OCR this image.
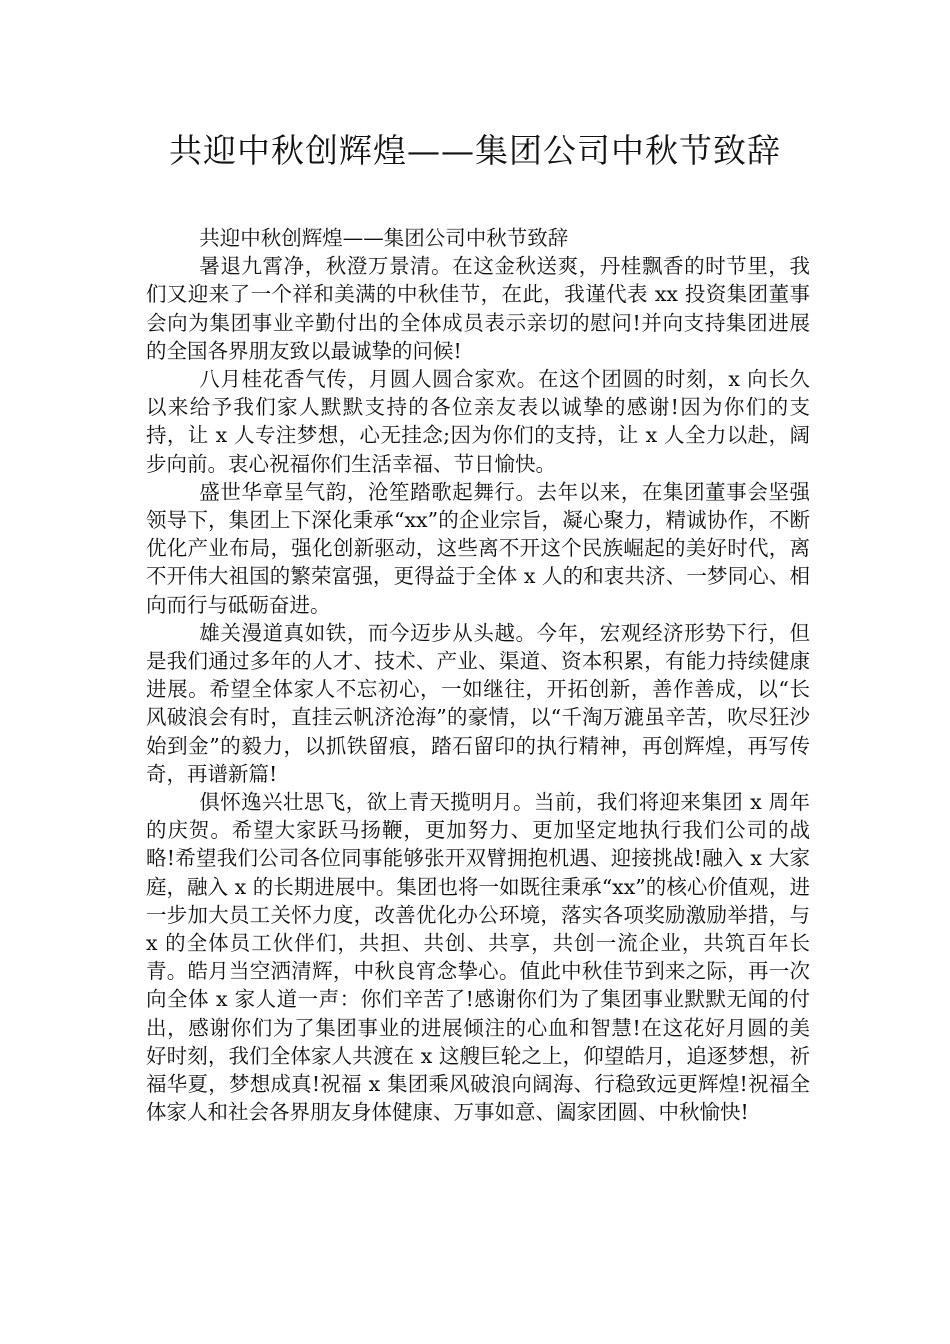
共迎中秋创辉煌——集团公司中秋节致辞

共迎中秋创辉煌——集团公司中秋节致辞

暑退九霄净，秋澄万景清。在这金秋送爽，丹桂飘香的时节里，我们又迎来了一个祥和美满的中秋佳节，在此，我谨代表 xx 投资集团董事会向为集团事业辛勤付出的全体成员表示亲切的慰问!并向支持集团进展的全国各界朋友致以最诚挚的问候!

八月桂花香气传，月圆人圆合家欢。在这个团圆的时刻，x 向长久以来给予我们家人默默支持的各位亲友表以诚挚的感谢!因为你们的支持，让 x 人专注梦想，心无挂念;因为你们的支持，让 x 人全力以赴，阔步向前。衷心祝福你们生活幸福、节日愉快。

盛世华章呈气韵，沧笙踏歌起舞行。去年以来，在集团董事会坚强领导下，集团上下深化秉承“xx”的企业宗旨，凝心聚力，精诚协作，不断优化产业布局，强化创新驱动，这些离不开这个民族崛起的美好时代，离不开伟大祖国的繁荣富强，更得益于全体 x 人的和衷共济、一梦同心、相向而行与砥砺奋进。

雄关漫道真如铁，而今迈步从头越。今年，宏观经济形势下行，但是我们通过多年的人才、技术、产业、渠道、资本积累，有能力持续健康进展。希望全体家人不忘初心，一如继往，开拓创新，善作善成，以“长风破浪会有时，直挂云帆济沧海”的豪情，以“千淘万漉虽辛苦，吹尽狂沙始到金”的毅力，以抓铁留痕，踏石留印的执行精神，再创辉煌，再写传奇，再谱新篇!

俱怀逸兴壮思飞，欲上青天揽明月。当前，我们将迎来集团 x 周年的庆贺。希望大家跃马扬鞭，更加努力、更加坚定地执行我们公司的战略!希望我们公司各位同事能够张开双臂拥抱机遇、迎接挑战!融入 x 大家庭，融入 x 的长期进展中。集团也将一如既往秉承“xx”的核心价值观，进一步加大员工关怀力度，改善优化办公环境，落实各项奖励激励举措，与 x 的全体员工伙伴们，共担、共创、共享，共创一流企业，共筑百年长青。皓月当空洒清辉，中秋良宵念挚心。值此中秋佳节到来之际，再一次向全体 x 家人道一声：你们辛苦了!感谢你们为了集团事业默默无闻的付出，感谢你们为了集团事业的进展倾注的心血和智慧!在这花好月圆的美好时刻，我们全体家人共渡在 x 这艘巨轮之上，仰望皓月，追逐梦想，祈福华夏，梦想成真!祝福 x 集团乘风破浪向阔海、行稳致远更辉煌!祝福全体家人和社会各界朋友身体健康、万事如意、阖家团圆、中秋愉快!
